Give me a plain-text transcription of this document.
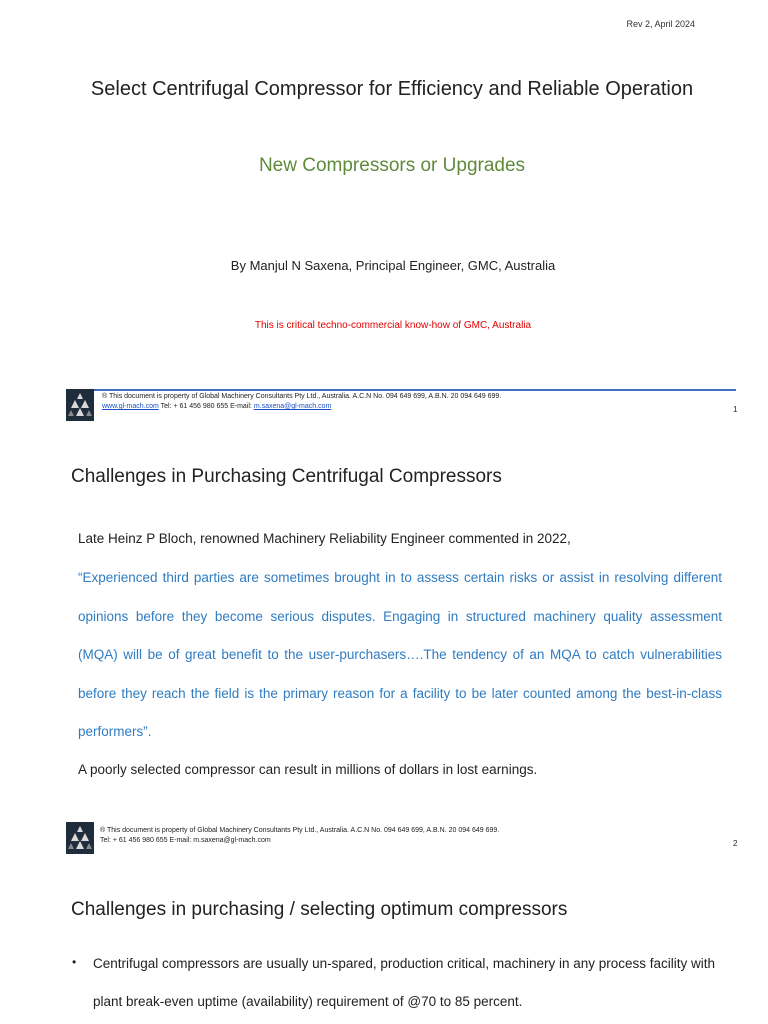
Rev 2, April 2024
Select Centrifugal Compressor for Efficiency and Reliable Operation
New Compressors or Upgrades
By Manjul N Saxena, Principal Engineer, GMC, Australia
This is critical techno-commercial know-how of GMC, Australia
® This document is property of Global Machinery Consultants Pty Ltd., Australia. A.C.N No. 094 649 699, A.B.N. 20 094 649 699.
www.gl-mach.com Tel: + 61 456 980 655 E-mail: m.saxena@gl-mach.com	1
Challenges in Purchasing Centrifugal Compressors
Late Heinz P Bloch, renowned Machinery Reliability Engineer commented in 2022,
“Experienced third parties are sometimes brought in to assess certain risks or assist in resolving different opinions before they become serious disputes. Engaging in structured machinery quality assessment (MQA) will be of great benefit to the user-purchasers….The tendency of an MQA to catch vulnerabilities before they reach the field is the primary reason for a facility to be later counted among the best-in-class performers”.
A poorly selected compressor can result in millions of dollars in lost earnings.
® This document is property of Global Machinery Consultants Pty Ltd., Australia. A.C.N No. 094 649 699, A.B.N. 20 094 649 699.
Tel: + 61 456 980 655 E-mail: m.saxena@gl-mach.com	2
Challenges in purchasing / selecting optimum compressors
• Centrifugal compressors are usually un-spared, production critical, machinery in any process facility with plant break-even uptime (availability) requirement of @70 to 85 percent.
